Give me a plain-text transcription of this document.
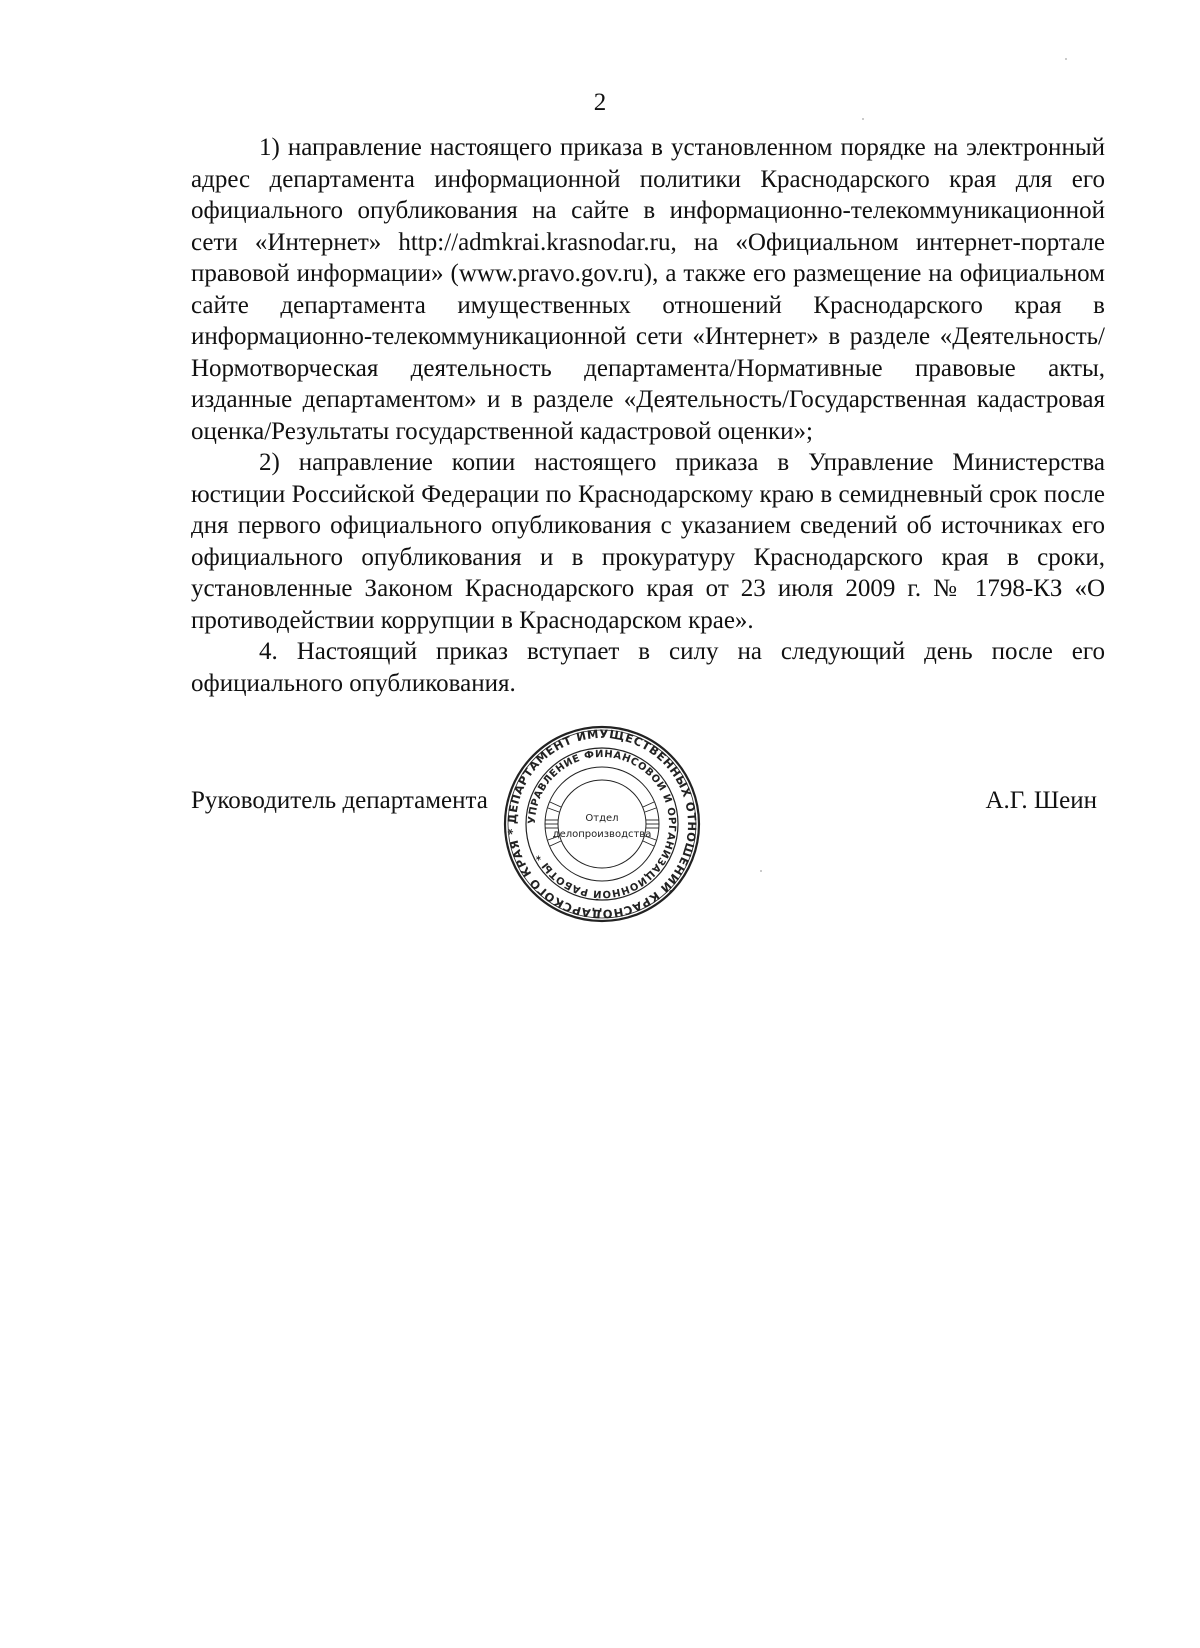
2

1) направление настоящего приказа в установленном порядке на электронный адрес департамента информационной политики Краснодарского края для его официального опубликования на сайте в информационно-телекоммуникационной сети «Интернет» http://admkrai.krasnodar.ru, на «Официальном интернет-портале правовой информации» (www.pravo.gov.ru), а также его размещение на официальном сайте департамента имущественных отношений Краснодарского края в информационно-телекоммуникационной сети «Интернет» в разделе «Деятельность/Нормотворческая деятельность департамента/Нормативные правовые акты, изданные департаментом» и в разделе «Деятельность/Государственная кадастровая оценка/Результаты государственной кадастровой оценки»;

2) направление копии настоящего приказа в Управление Министерства юстиции Российской Федерации по Краснодарскому краю в семидневный срок после дня первого официального опубликования с указанием сведений об источниках его официального опубликования и в прокуратуру Краснодарского края в сроки, установленные Законом Краснодарского края от 23 июля 2009 г. № 1798-КЗ «О противодействии коррупции в Краснодарском крае».

4. Настоящий приказ вступает в силу на следующий день после его официального опубликования.

Руководитель департамента	А.Г. Шеин
ДЕПАРТАМЕНТ ИМУЩЕСТВЕННЫХ ОТНОШЕНИЙ КРАСНОДАРСКОГО КРАЯ *
УПРАВЛЕНИЕ ФИНАНСОВОЙ И ОРГАНИЗАЦИОННОЙ РАБОТЫ *
Отдел
делопроизводства
